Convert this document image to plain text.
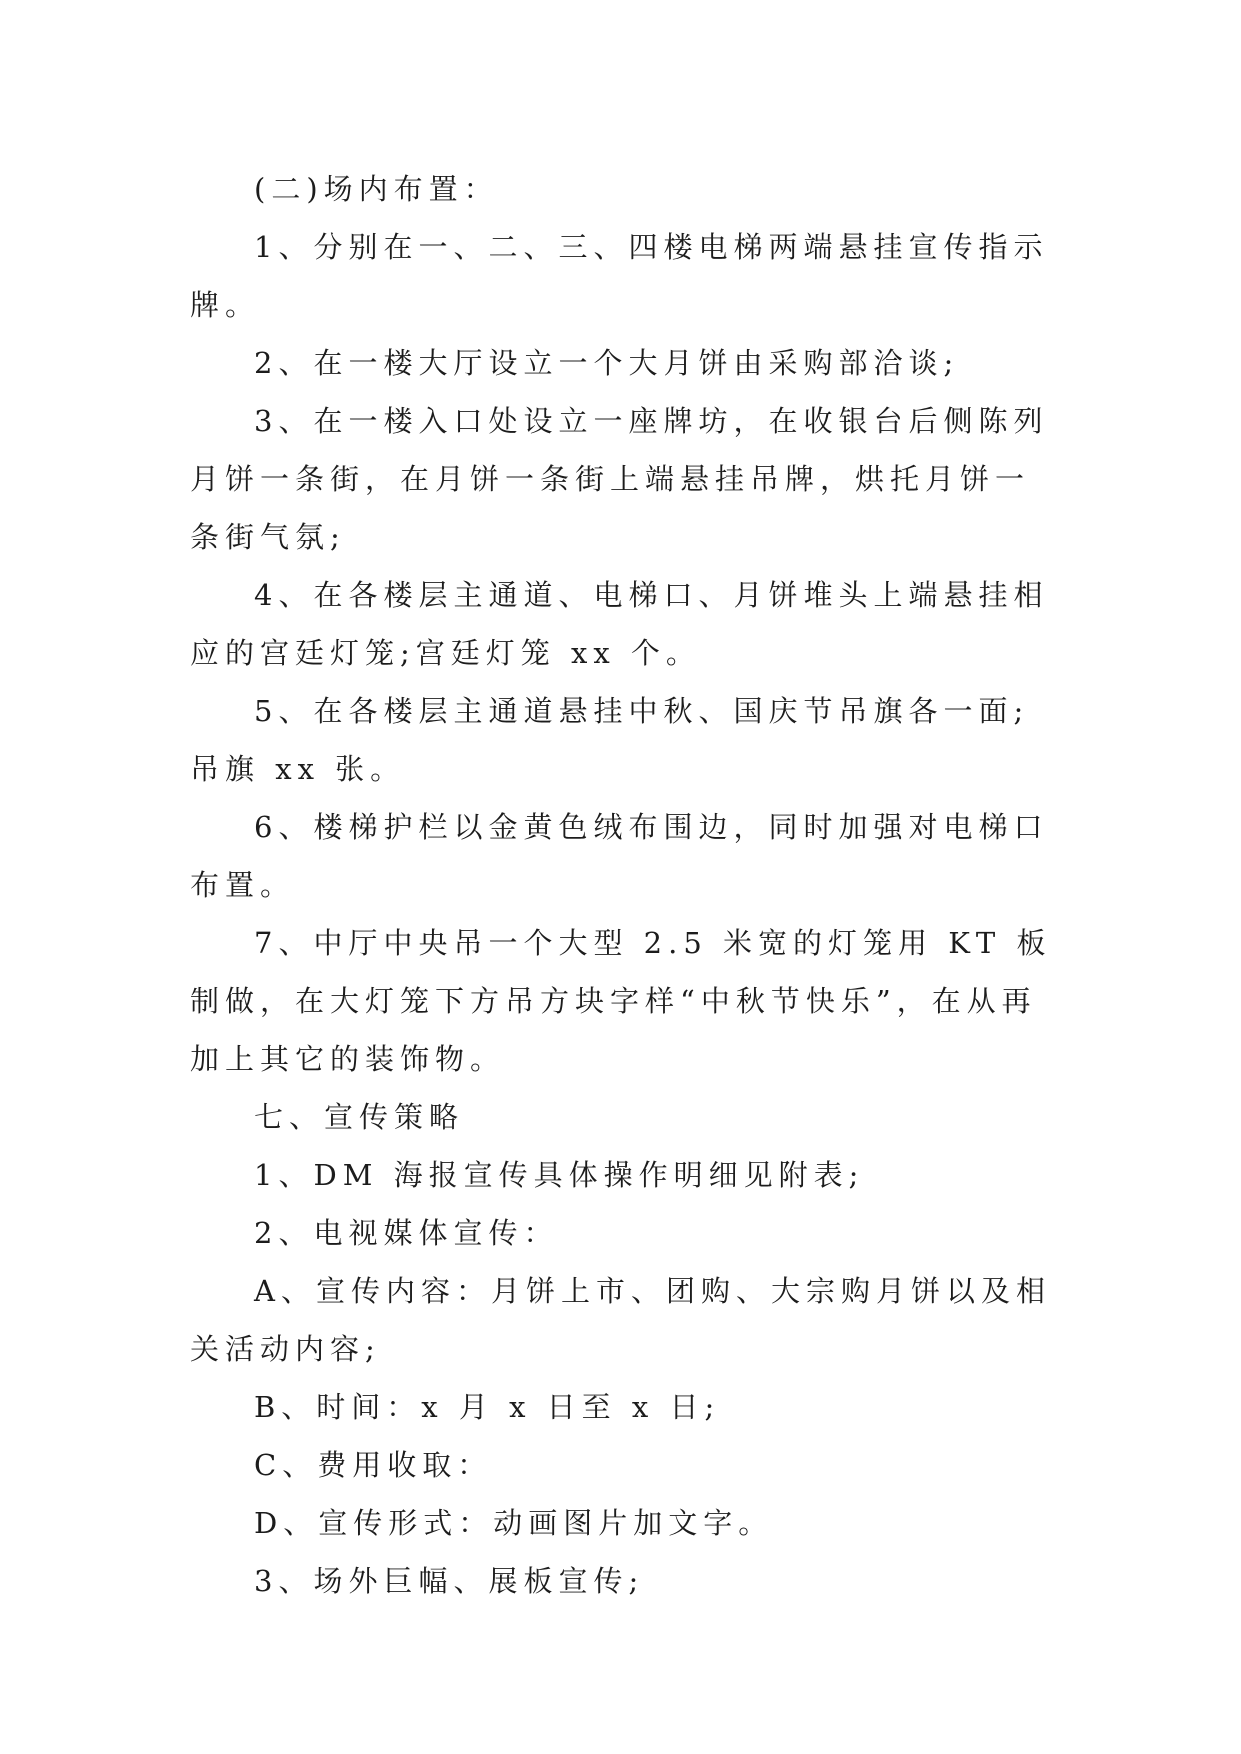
(二)场内布置：

1、分别在一、二、三、四楼电梯两端悬挂宣传指示牌。

2、在一楼大厅设立一个大月饼由采购部洽谈;

3、在一楼入口处设立一座牌坊，在收银台后侧陈列月饼一条街，在月饼一条街上端悬挂吊牌，烘托月饼一条街气氛;

4、在各楼层主通道、电梯口、月饼堆头上端悬挂相应的宫廷灯笼;宫廷灯笼 xx 个。

5、在各楼层主通道悬挂中秋、国庆节吊旗各一面;吊旗 xx 张。

6、楼梯护栏以金黄色绒布围边，同时加强对电梯口布置。

7、中厅中央吊一个大型 2.5 米宽的灯笼用 KT 板制做，在大灯笼下方吊方块字样“中秋节快乐”，在从再加上其它的装饰物。

七、宣传策略

1、DM 海报宣传具体操作明细见附表;

2、电视媒体宣传：

A、宣传内容：月饼上市、团购、大宗购月饼以及相关活动内容;

B、时间：x 月 x 日至 x 日;

C、费用收取：

D、宣传形式：动画图片加文字。

3、场外巨幅、展板宣传;
